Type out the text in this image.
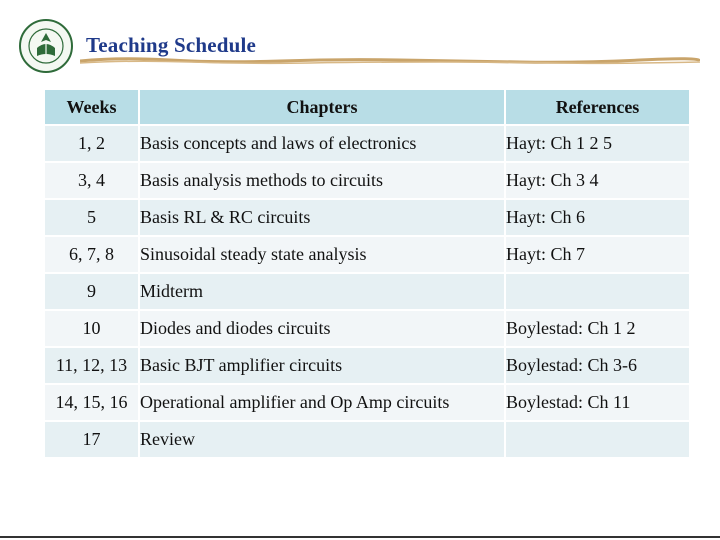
Teaching Schedule
Weeks	Chapters	References
1, 2	Basis concepts and laws of electronics	Hayt: Ch 1 2 5
3, 4	Basis analysis methods to circuits	Hayt: Ch 3 4
5	Basis RL & RC circuits	Hayt: Ch 6
6, 7, 8	Sinusoidal steady state analysis	Hayt: Ch 7
9	Midterm	
10	Diodes and diodes circuits	Boylestad: Ch 1 2
11, 12, 13	Basic BJT amplifier circuits	Boylestad: Ch 3-6
14, 15, 16	Operational amplifier and Op Amp circuits	Boylestad: Ch 11
17	Review	
